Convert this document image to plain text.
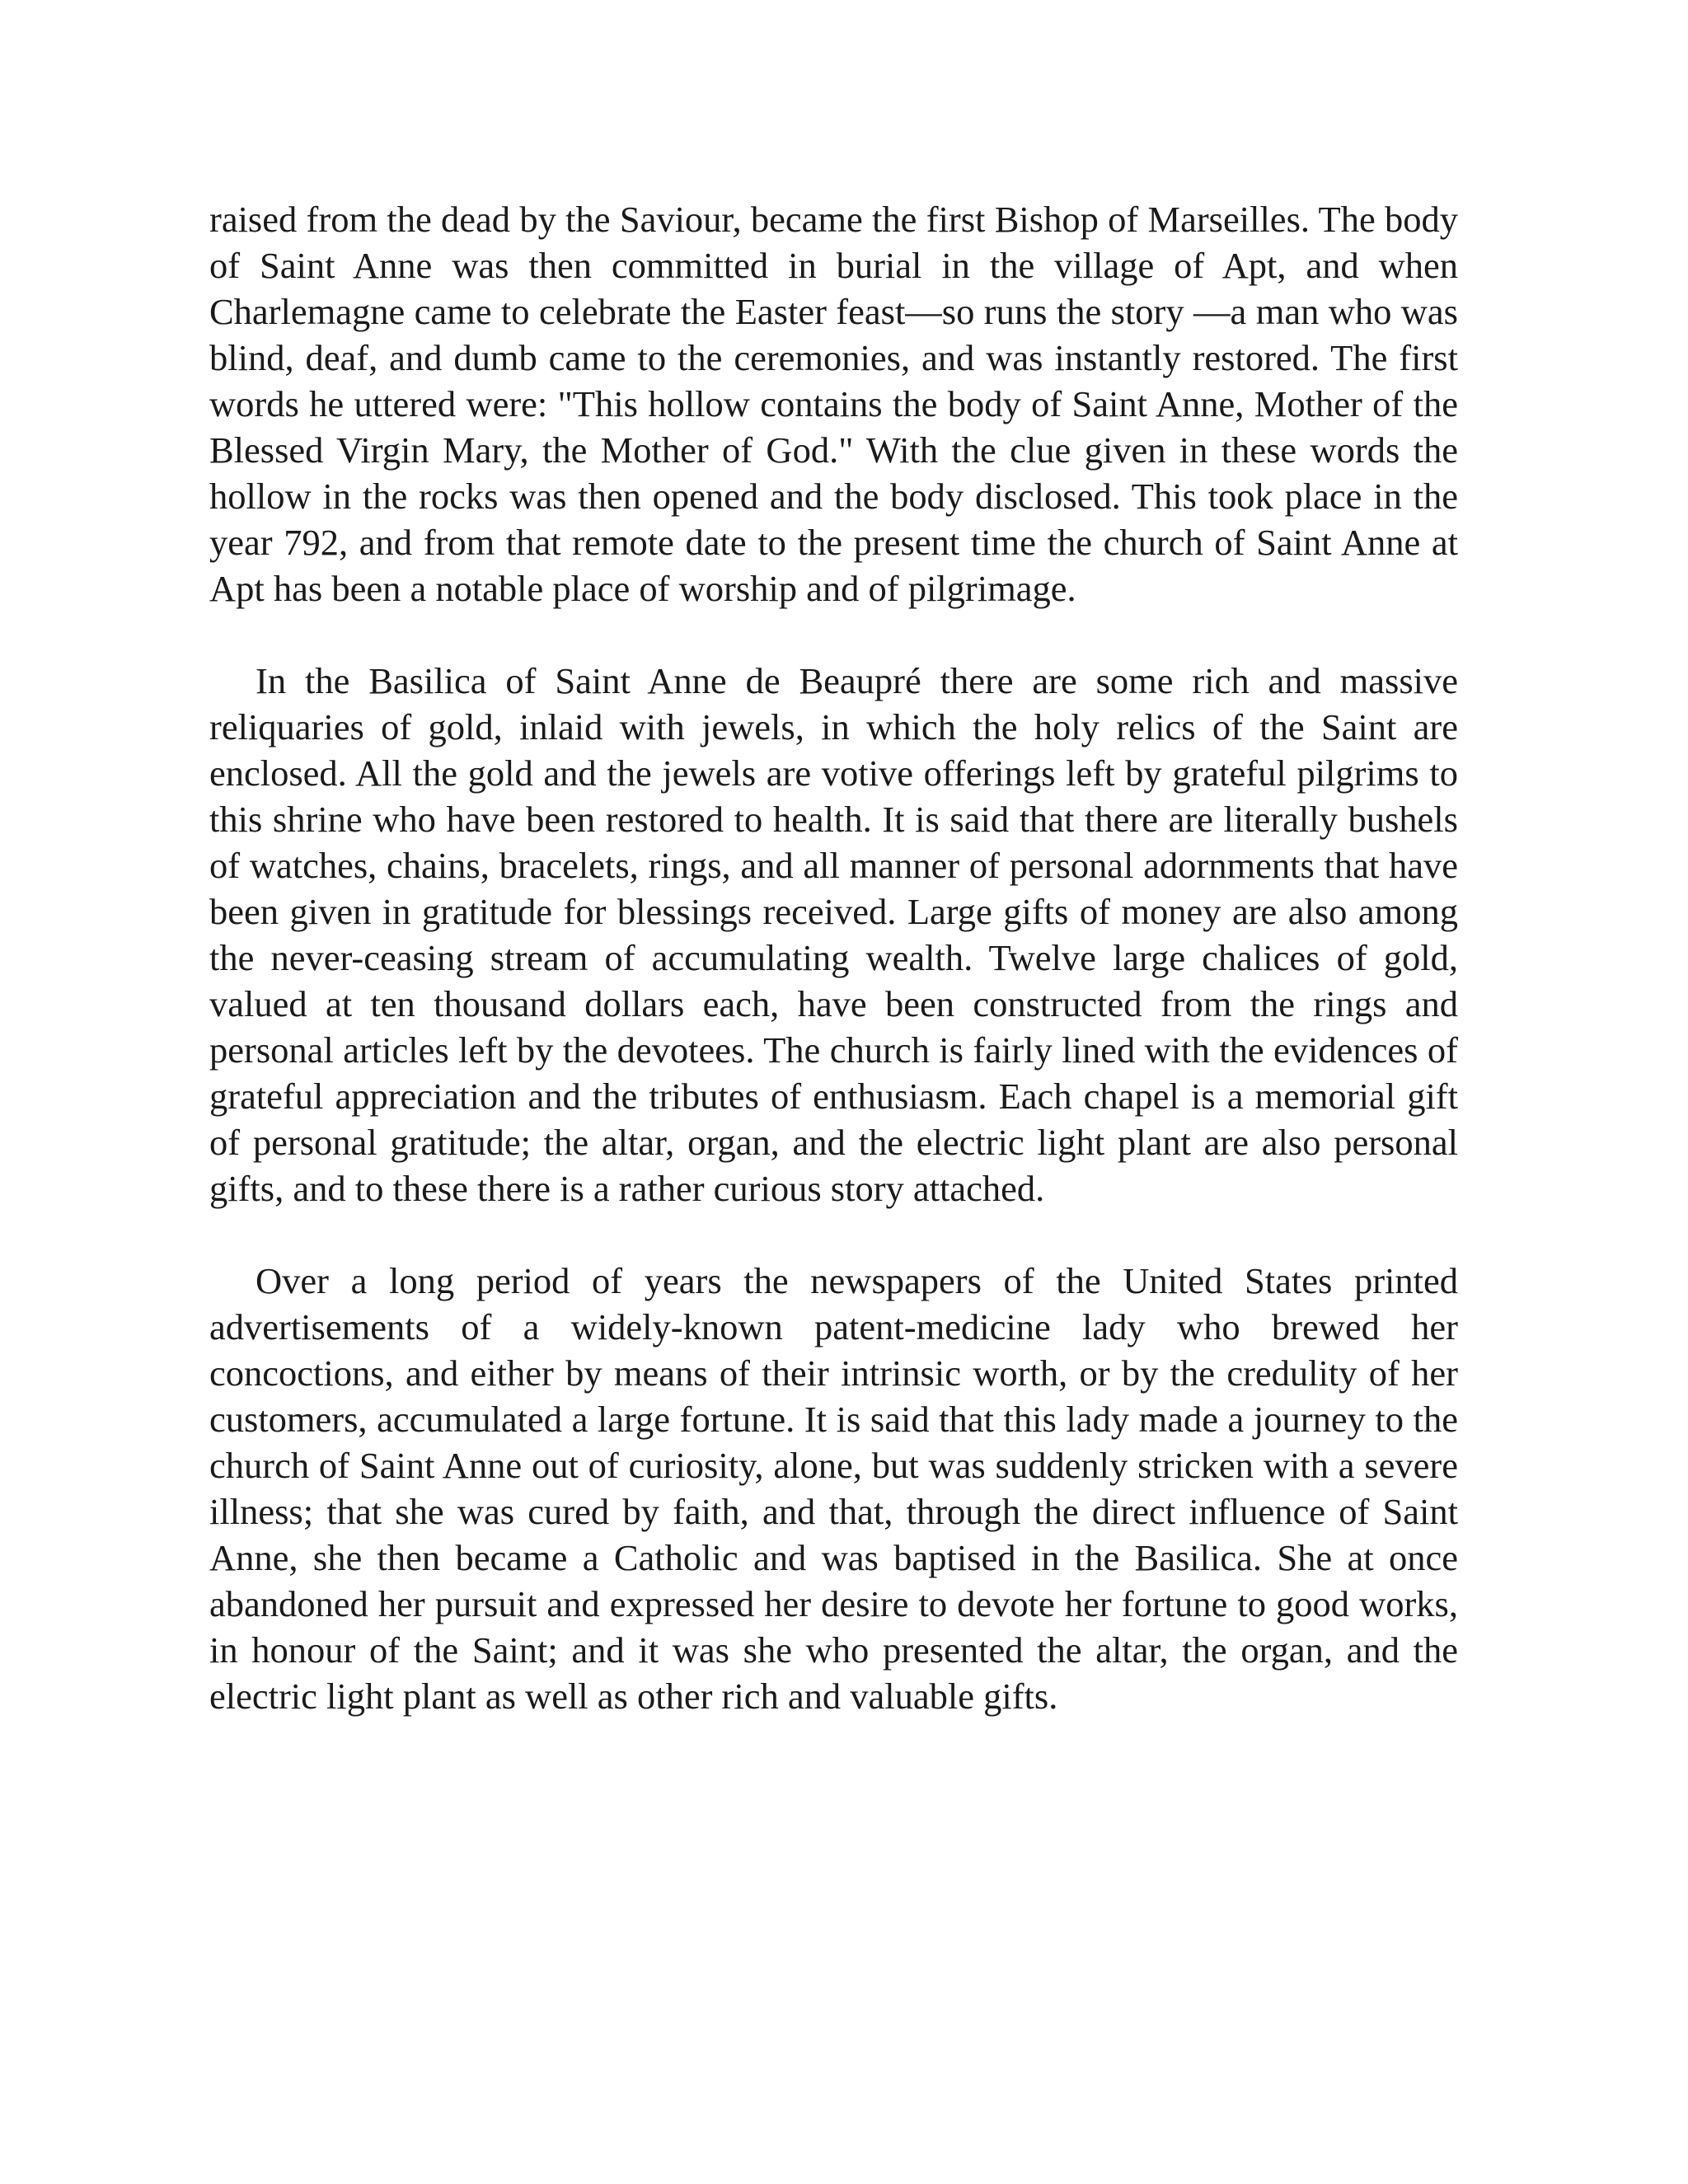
raised from the dead by the Saviour, became the first Bishop of Marseilles. The body of Saint Anne was then committed in burial in the village of Apt, and when Charlemagne came to celebrate the Easter feast—so runs the story —a man who was blind, deaf, and dumb came to the ceremonies, and was instantly restored. The first words he uttered were: "This hollow contains the body of Saint Anne, Mother of the Blessed Virgin Mary, the Mother of God." With the clue given in these words the hollow in the rocks was then opened and the body disclosed. This took place in the year 792, and from that remote date to the present time the church of Saint Anne at Apt has been a notable place of worship and of pilgrimage.

In the Basilica of Saint Anne de Beaupré there are some rich and massive reliquaries of gold, inlaid with jewels, in which the holy relics of the Saint are enclosed. All the gold and the jewels are votive offerings left by grateful pilgrims to this shrine who have been restored to health. It is said that there are literally bushels of watches, chains, bracelets, rings, and all manner of personal adornments that have been given in gratitude for blessings received. Large gifts of money are also among the never-ceasing stream of accumulating wealth. Twelve large chalices of gold, valued at ten thousand dollars each, have been constructed from the rings and personal articles left by the devotees. The church is fairly lined with the evidences of grateful appreciation and the tributes of enthusiasm. Each chapel is a memorial gift of personal gratitude; the altar, organ, and the electric light plant are also personal gifts, and to these there is a rather curious story attached.

Over a long period of years the newspapers of the United States printed advertisements of a widely-known patent-medicine lady who brewed her concoctions, and either by means of their intrinsic worth, or by the credulity of her customers, accumulated a large fortune. It is said that this lady made a journey to the church of Saint Anne out of curiosity, alone, but was suddenly stricken with a severe illness; that she was cured by faith, and that, through the direct influence of Saint Anne, she then became a Catholic and was baptised in the Basilica. She at once abandoned her pursuit and expressed her desire to devote her fortune to good works, in honour of the Saint; and it was she who presented the altar, the organ, and the electric light plant as well as other rich and valuable gifts.
